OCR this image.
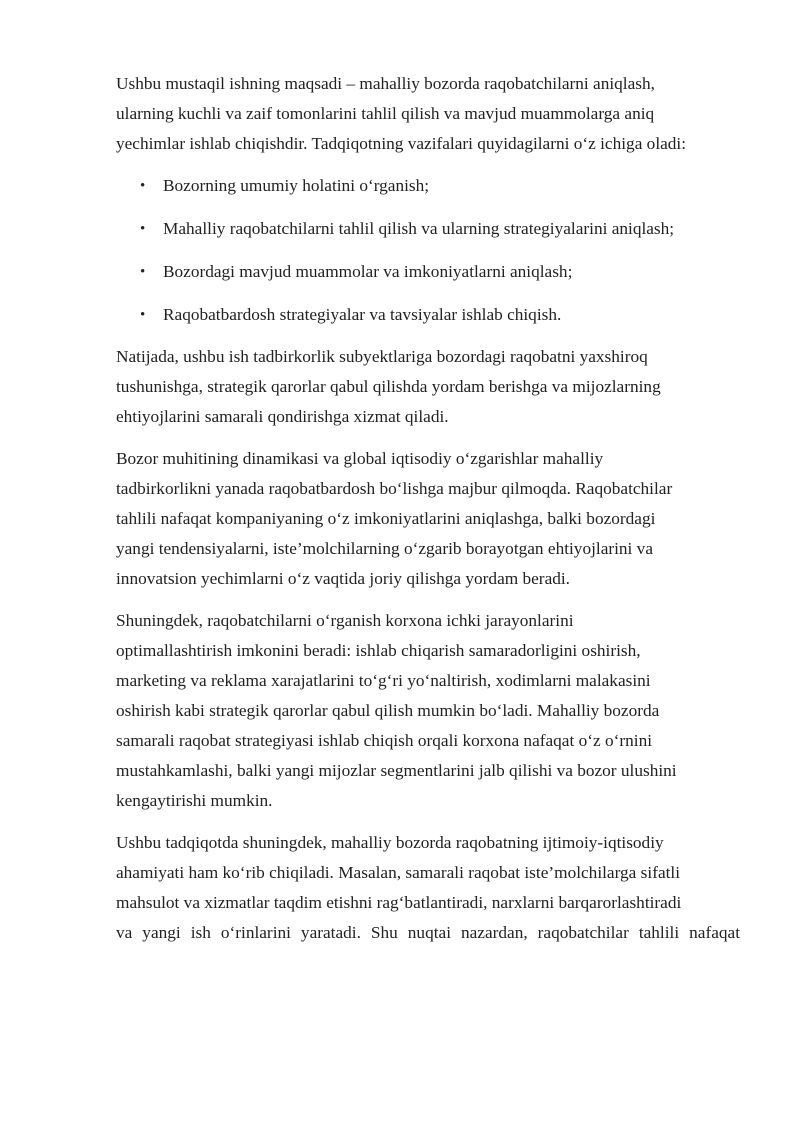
Ushbu mustaqil ishning maqsadi – mahalliy bozorda raqobatchilarni aniqlash,
ularning kuchli va zaif tomonlarini tahlil qilish va mavjud muammolarga aniq
yechimlar ishlab chiqishdir. Tadqiqotning vazifalari quyidagilarni o‘z ichiga oladi:

• Bozorning umumiy holatini o‘rganish;
• Mahalliy raqobatchilarni tahlil qilish va ularning strategiyalarini aniqlash;
• Bozordagi mavjud muammolar va imkoniyatlarni aniqlash;
• Raqobatbardosh strategiyalar va tavsiyalar ishlab chiqish.

Natijada, ushbu ish tadbirkorlik subyektlariga bozordagi raqobatni yaxshiroq
tushunishga, strategik qarorlar qabul qilishda yordam berishga va mijozlarning
ehtiyojlarini samarali qondirishga xizmat qiladi.

Bozor muhitining dinamikasi va global iqtisodiy o‘zgarishlar mahalliy
tadbirkorlikni yanada raqobatbardosh bo‘lishga majbur qilmoqda. Raqobatchilar
tahlili nafaqat kompaniyaning o‘z imkoniyatlarini aniqlashga, balki bozordagi
yangi tendensiyalarni, iste’molchilarning o‘zgarib borayotgan ehtiyojlarini va
innovatsion yechimlarni o‘z vaqtida joriy qilishga yordam beradi.

Shuningdek, raqobatchilarni o‘rganish korxona ichki jarayonlarini
optimallashtirish imkonini beradi: ishlab chiqarish samaradorligini oshirish,
marketing va reklama xarajatlarini to‘g‘ri yo‘naltirish, xodimlarni malakasini
oshirish kabi strategik qarorlar qabul qilish mumkin bo‘ladi. Mahalliy bozorda
samarali raqobat strategiyasi ishlab chiqish orqali korxona nafaqat o‘z o‘rnini
mustahkamlashi, balki yangi mijozlar segmentlarini jalb qilishi va bozor ulushini
kengaytirishi mumkin.

Ushbu tadqiqotda shuningdek, mahalliy bozorda raqobatning ijtimoiy-iqtisodiy
ahamiyati ham ko‘rib chiqiladi. Masalan, samarali raqobat iste’molchilarga sifatli
mahsulot va xizmatlar taqdim etishni rag‘batlantiradi, narxlarni barqarorlashtiradi

va yangi ish o‘rinlarini yaratadi. Shu nuqtai nazardan, raqobatchilar tahlili nafaqat
